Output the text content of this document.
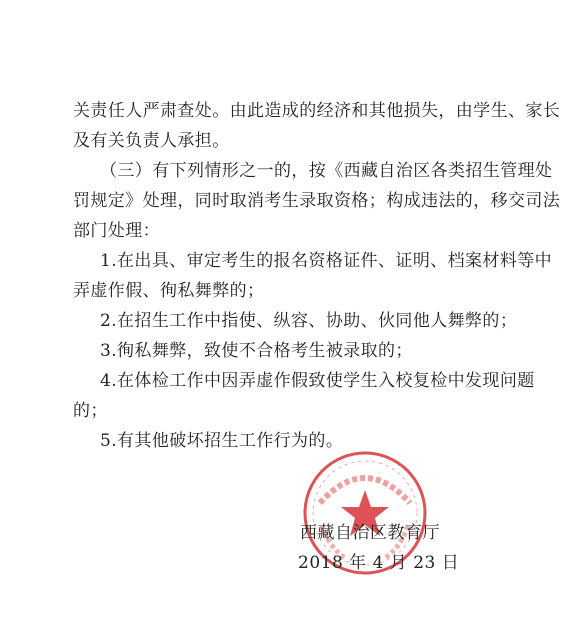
关责任人严肃查处。由此造成的经济和其他损失，由学生、家长
及有关负责人承担。
（三）有下列情形之一的，按《西藏自治区各类招生管理处
罚规定》处理，同时取消考生录取资格；构成违法的，移交司法
部门处理：
1.在出具、审定考生的报名资格证件、证明、档案材料等中
弄虚作假、徇私舞弊的；
2.在招生工作中指使、纵容、协助、伙同他人舞弊的；
3.徇私舞弊，致使不合格考生被录取的；
4.在体检工作中因弄虚作假致使学生入校复检中发现问题
的；
5.有其他破坏招生工作行为的。
西藏自治区教育厅
2018 年 4 月 23 日
